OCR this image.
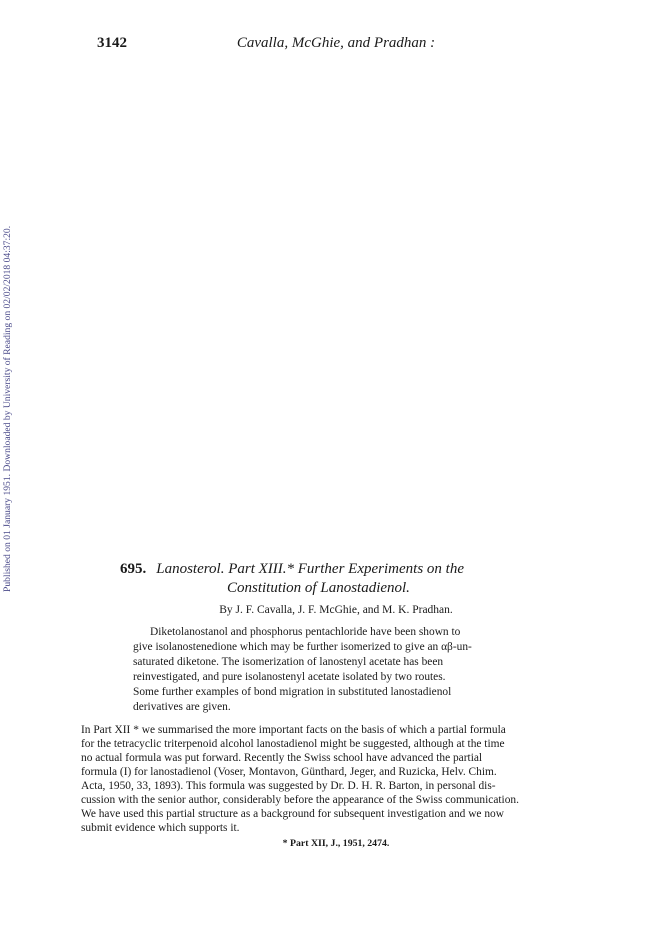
3142	Cavalla, McGhie, and Pradhan :
Published on 01 January 1951. Downloaded by University of Reading on 02/02/2018 04:37:20.	695. Lanosterol. Part XIII.* Further Experiments on the
Constitution of Lanostadienol.
By J. F. Cavalla, J. F. McGhie, and M. K. Pradhan.
Diketolanostanol and phosphorus pentachloride have been shown to
give isolanostenedione which may be further isomerized to give an αβ-un-
saturated diketone. The isomerization of lanostenyl acetate has been
reinvestigated, and pure isolanostenyl acetate isolated by two routes.
Some further examples of bond migration in substituted lanostadienol
derivatives are given.
In Part XII * we summarised the more important facts on the basis of which a partial formula
for the tetracyclic triterpenoid alcohol lanostadienol might be suggested, although at the time
no actual formula was put forward. Recently the Swiss school have advanced the partial
formula (I) for lanostadienol (Voser, Montavon, Günthard, Jeger, and Ruzicka, Helv. Chim.
Acta, 1950, 33, 1893). This formula was suggested by Dr. D. H. R. Barton, in personal dis-
cussion with the senior author, considerably before the appearance of the Swiss communication.
We have used this partial structure as a background for subsequent investigation and we now
submit evidence which supports it.
* Part XII, J., 1951, 2474.
